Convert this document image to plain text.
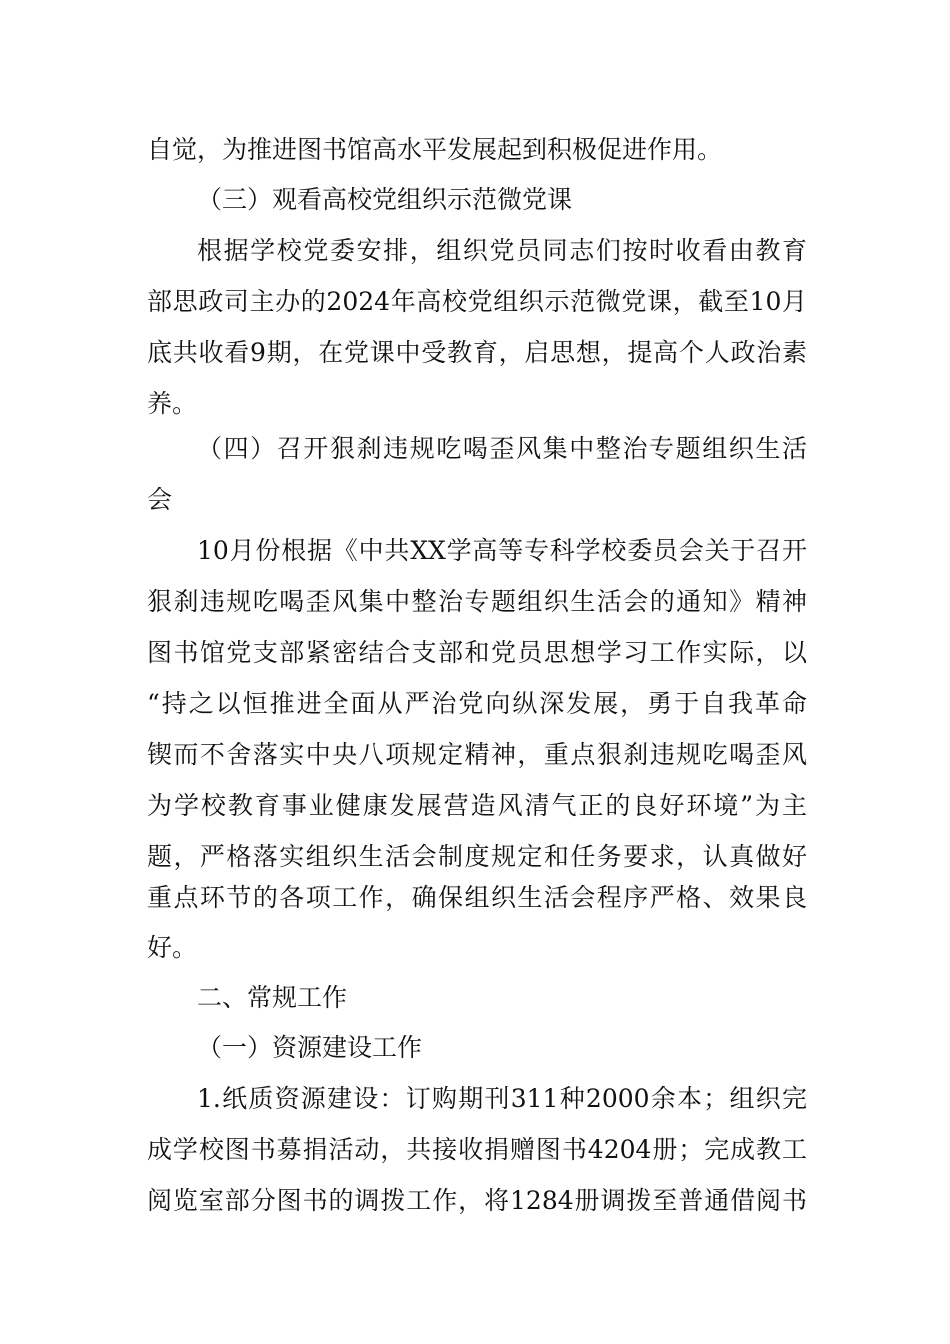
自觉，为推进图书馆高水平发展起到积极促进作用。
（三）观看高校党组织示范微党课
根据学校党委安排，组织党员同志们按时收看由教育
部思政司主办的2024年高校党组织示范微党课，截至10月
底共收看9期，在党课中受教育，启思想，提高个人政治素
养。
（四）召开狠刹违规吃喝歪风集中整治专题组织生活
会
10月份根据《中共XX学高等专科学校委员会关于召开
狠刹违规吃喝歪风集中整治专题组织生活会的通知》精神
图书馆党支部紧密结合支部和党员思想学习工作实际，以
“持之以恒推进全面从严治党向纵深发展，勇于自我革命
锲而不舍落实中央八项规定精神，重点狠刹违规吃喝歪风
为学校教育事业健康发展营造风清气正的良好环境”为主
题，严格落实组织生活会制度规定和任务要求，认真做好
重点环节的各项工作，确保组织生活会程序严格、效果良
好。
二、常规工作
（一）资源建设工作
1.纸质资源建设：订购期刊311种2000余本；组织完
成学校图书募捐活动，共接收捐赠图书4204册；完成教工
阅览室部分图书的调拨工作，将1284册调拨至普通借阅书
